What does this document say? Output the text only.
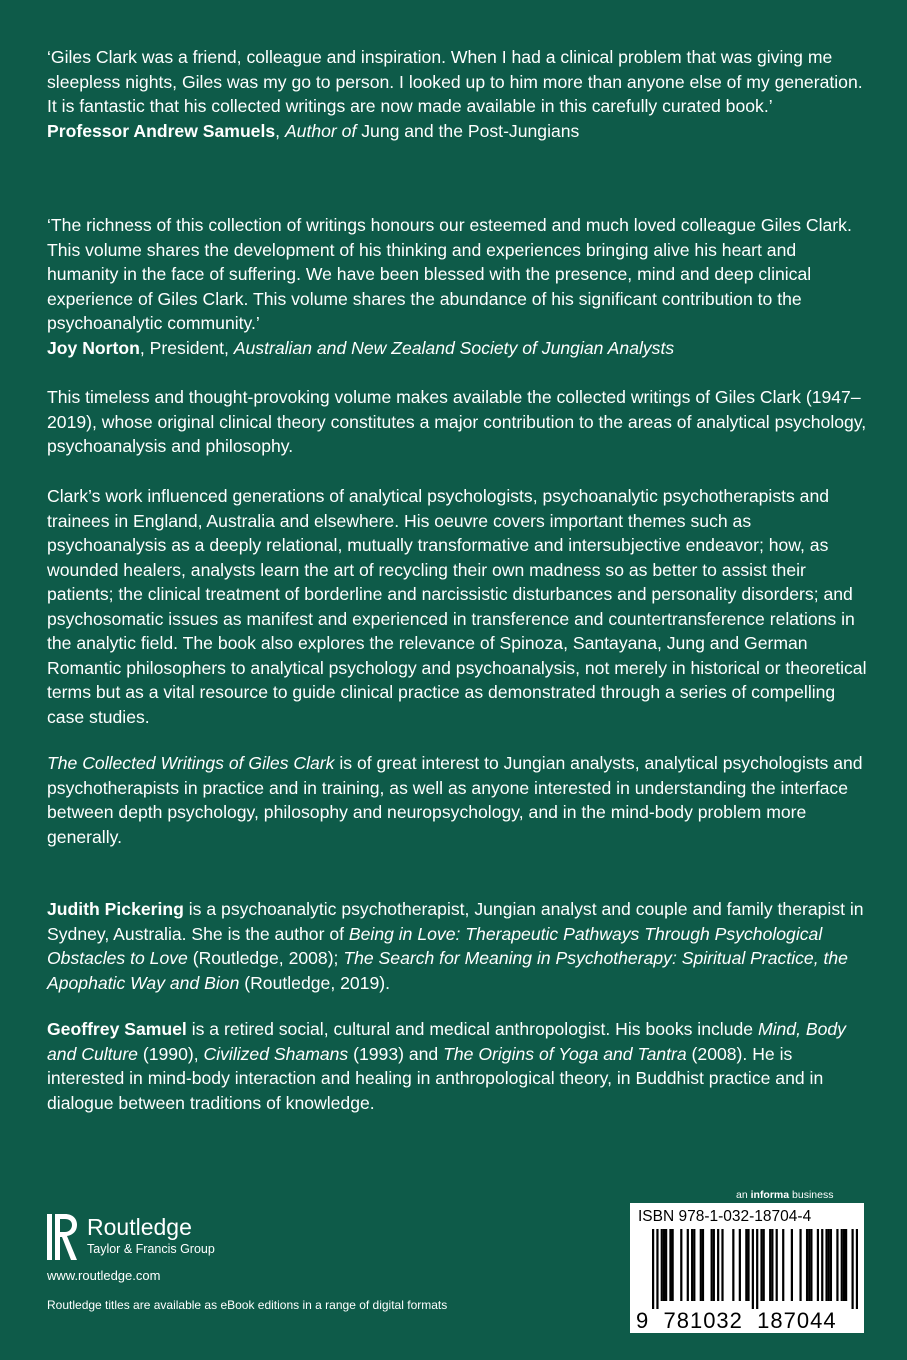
‘Giles Clark was a friend, colleague and inspiration. When I had a clinical problem that was giving me sleepless nights, Giles was my go to person. I looked up to him more than anyone else of my generation. It is fantastic that his collected writings are now made available in this carefully curated book.’
Professor Andrew Samuels, Author of Jung and the Post-Jungians

‘The richness of this collection of writings honours our esteemed and much loved colleague Giles Clark. This volume shares the development of his thinking and experiences bringing alive his heart and humanity in the face of suffering. We have been blessed with the presence, mind and deep clinical experience of Giles Clark. This volume shares the abundance of his significant contribution to the psychoanalytic community.’
Joy Norton, President, Australian and New Zealand Society of Jungian Analysts

This timeless and thought-provoking volume makes available the collected writings of Giles Clark (1947–2019), whose original clinical theory constitutes a major contribution to the areas of analytical psychology, psychoanalysis and philosophy.

Clark’s work influenced generations of analytical psychologists, psychoanalytic psychotherapists and trainees in England, Australia and elsewhere. His oeuvre covers important themes such as psychoanalysis as a deeply relational, mutually transformative and intersubjective endeavor; how, as wounded healers, analysts learn the art of recycling their own madness so as better to assist their patients; the clinical treatment of borderline and narcissistic disturbances and personality disorders; and psychosomatic issues as manifest and experienced in transference and countertransference relations in the analytic field. The book also explores the relevance of Spinoza, Santayana, Jung and German Romantic philosophers to analytical psychology and psychoanalysis, not merely in historical or theoretical terms but as a vital resource to guide clinical practice as demonstrated through a series of compelling case studies.

The Collected Writings of Giles Clark is of great interest to Jungian analysts, analytical psychologists and psychotherapists in practice and in training, as well as anyone interested in understanding the interface between depth psychology, philosophy and neuropsychology, and in the mind-body problem more generally.

Judith Pickering is a psychoanalytic psychotherapist, Jungian analyst and couple and family therapist in Sydney, Australia. She is the author of Being in Love: Therapeutic Pathways Through Psychological Obstacles to Love (Routledge, 2008); The Search for Meaning in Psychotherapy: Spiritual Practice, the Apophatic Way and Bion (Routledge, 2019).

Geoffrey Samuel is a retired social, cultural and medical anthropologist. His books include Mind, Body and Culture (1990), Civilized Shamans (1993) and The Origins of Yoga and Tantra (2008). He is interested in mind-body interaction and healing in anthropological theory, in Buddhist practice and in dialogue between traditions of knowledge.

Routledge
Taylor & Francis Group
www.routledge.com
Routledge titles are available as eBook editions in a range of digital formats
an informa business
ISBN 978-1-032-18704-4
9 781032 187044
